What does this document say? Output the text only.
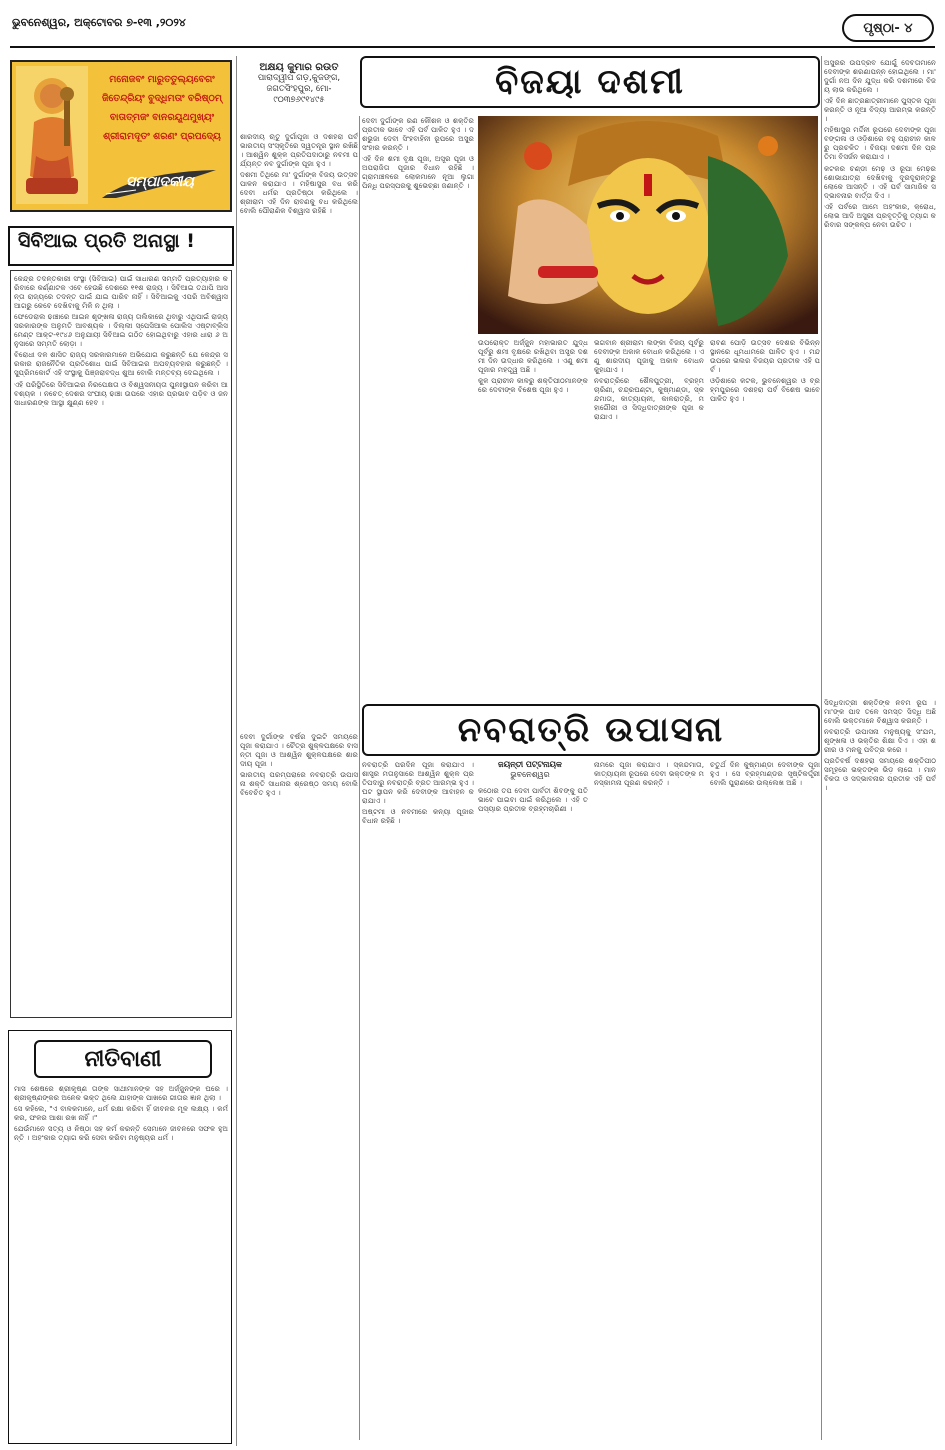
ଭୁବନେଶ୍ୱର, ଅକ୍ଟୋବର ୭-୧୩ ,୨୦୨୪	ପୃଷ୍ଠା- ୪
ମନୋଜବଂ ମାରୁତତୁଲ୍ୟବେଗଂ
ଜିତେନ୍ଦ୍ରିୟଂ ବୁଦ୍ଧିମତାଂ ବରିଷ୍ଠମ୍
ବାତାତ୍ମଜଂ ବାନରୟୂଥମୁଖ୍ୟଂ
ଶ୍ରୀରାମଦୂତଂ ଶରଣଂ ପ୍ରପଦ୍ୟେ
ସମ୍ପାଦକୀୟ
ସିବିଆଇ ପ୍ରତି ଅନାସ୍ଥା !

କେନ୍ଦ୍ର ତଦନ୍ତକାରୀ ସଂସ୍ଥା (ସିବିଆଇ) ପାଇଁ ସାଧାରଣ ସମ୍ମତି ପ୍ରତ୍ୟାହାର କରିବାରେ କର୍ଣ୍ଣାଟକ ଏବେ ହେଉଛି ଦେଶରେ ୧୧ଶ ରାଜ୍ୟ । ସିବିଆଇ ତଥାପି ଆସନ୍ତା ରାଜ୍ୟରେ ତଦନ୍ତ ପାଇଁ ଯାଇ ପାରିବ ନାହିଁ । ସିବିଆଇକୁ ଏପରି ଅବିଶ୍ୱାସ ଆଗରୁ କେବେ ଦେଖିବାକୁ ମିଳି ନ ଥିଲା ।

ଫେଡେରାଲ ଢାଞ୍ଚାରେ ଆଇନ ଶୃଙ୍ଖଳା ରାଜ୍ୟ ତାଲିକାରେ ଥିବାରୁ ଏଥିପାଇଁ ରାଜ୍ୟ ସରକାରଙ୍କ ଅନୁମତି ଆବଶ୍ୟକ । ଦିଲ୍ଲୀ ସ୍ପେସିଆଲ ପୋଲିସ ଏଷ୍ଟାବ୍ଲିସମେଣ୍ଟ ଆକ୍ଟ-୧୯୪୬ ଅନୁଯାୟୀ ସିବିଆଇ ଗଠିତ ହୋଇଥିବାରୁ ଏହାର ଧାରା ୬ ଅନୁସାରେ ସମ୍ମତି ଲୋଡ଼ା ।

ବିରୋଧୀ ଦଳ ଶାସିତ ରାଜ୍ୟ ସରକାରମାନେ ଅଭିଯୋଗ କରୁଛନ୍ତି ଯେ କେନ୍ଦ୍ର ସରକାର ରାଜନୈତିକ ପ୍ରତିଶୋଧ ପାଇଁ ସିବିଆଇର ଅପବ୍ୟବହାର କରୁଛନ୍ତି । ସୁପ୍ରିମକୋର୍ଟ ଏହି ସଂସ୍ଥାକୁ ପିଞ୍ଜରାବଦ୍ଧ ଶୁଆ ବୋଲି ମନ୍ତବ୍ୟ ଦେଇଥିଲେ ।

ଏହି ପରିସ୍ଥିତିରେ ସିବିଆଇର ନିରପେକ୍ଷତା ଓ ବିଶ୍ୱସନୀୟତା ପୁନଃସ୍ଥାପନ କରିବା ଆବଶ୍ୟକ । ନଚେତ୍ ଦେଶର ସଂଘୀୟ ଢାଞ୍ଚା ଉପରେ ଏହାର ପ୍ରଭାବ ପଡ଼ିବ ଓ ଜନସାଧାରଣଙ୍କ ଆସ୍ଥା କ୍ଷୁଣ୍ଣ ହେବ ।

ନୀତିବାଣୀ

ମାସ ଶେଷରେ ଶ୍ରୀକୃଷ୍ଣ ତାଙ୍କ ସାଥୀମାନଙ୍କ ସହ ଅର୍ଜ୍ଜୁନଙ୍କ ଘରେ । ଶ୍ରୀକୃଷ୍ଣଙ୍କର ଅନେକ ଭକ୍ତ ଥିଲେ ଯାହାଙ୍କ ପାଖରେ ଗୀତାର ଜ୍ଞାନ ଥିଲା ।

ସେ କହିଲେ, "ଏ ବାଳକମାନେ, ଧର୍ମ ରକ୍ଷା କରିବା ହିଁ ଜୀବନର ମୂଳ ଲକ୍ଷ୍ୟ । କର୍ମ କର, ଫଳର ଆଶା ରଖ ନାହିଁ ।"

ଯେଉଁମାନେ ସତ୍ୟ ଓ ନିଷ୍ଠା ସହ କର୍ମ କରନ୍ତି ସେମାନେ ଜୀବନରେ ସଫଳ ହୁଅନ୍ତି । ଅହଂକାର ତ୍ୟାଗ କରି ସେବା କରିବା ମନୁଷ୍ୟର ଧର୍ମ ।

ଅକ୍ଷୟ କୁମାର ରଉତ
ପାରାଦ୍ୱୀପ ଗଡ଼,କୁଜଙ୍ଗ,
ଜଗତସିଂହପୁର, ମୋ-
୯୦୩୭୬୯୧୪୯୫

ଶାରଦୀୟ ଋତୁ ଦୁର୍ଗାପୂଜା ଓ ଦଶହରା ପର୍ବ ଭାରତୀୟ ସଂସ୍କୃତିରେ ସ୍ୱତନ୍ତ୍ର ସ୍ଥାନ ରଖିଛି । ଆଶ୍ୱିନ ଶୁକ୍ଳ ପ୍ରତିପଦାଠାରୁ ନବମୀ ପର୍ଯ୍ୟନ୍ତ ନବ ଦୁର୍ଗାଙ୍କ ପୂଜା ହୁଏ ।

ଦଶମୀ ତିଥିରେ ମା' ଦୁର୍ଗାଙ୍କ ବିଜୟ ଉତ୍ସବ ପାଳନ କରାଯାଏ । ମହିଷାସୁର ବଧ କରି ଦେବୀ ଧର୍ମର ପ୍ରତିଷ୍ଠା କରିଥିଲେ । ଶ୍ରୀରାମ ଏହି ଦିନ ରାବଣକୁ ବଧ କରିଥିଲେ ବୋଲି ପୌରାଣିକ ବିଶ୍ୱାସ ରହିଛି ।

ବିଜୟା ଦଶମୀ

ଦେବୀ ଦୁର୍ଗାଙ୍କ ରଣ କୌଶଳ ଓ ଶକ୍ତିର ପ୍ରତୀକ ଭାବେ ଏହି ପର୍ବ ପାଳିତ ହୁଏ । ଦଶଭୁଜା ଦେବୀ ସିଂହବାହିନୀ ରୂପରେ ଅସୁର ସଂହାର କରନ୍ତି ।

ଏହି ଦିନ ଶମୀ ବୃକ୍ଷ ପୂଜା, ଅସ୍ତ୍ର ପୂଜା ଓ ଅପରାଜିତା ପୂଜାର ବିଧାନ ରହିଛି । ଗ୍ରାମାଞ୍ଚଳରେ ଲୋକମାନେ ନୂଆ ଲୁଗା ପିନ୍ଧି ପରସ୍ପରକୁ ଶୁଭେଚ୍ଛା ଜଣାନ୍ତି ।

ଉପରୋକ୍ତ ଅର୍ଜ୍ଜୁନ ମହାଭାରତ ଯୁଦ୍ଧ ପୂର୍ବରୁ ଶମୀ ବୃକ୍ଷରେ ରଖିଥିବା ଅସ୍ତ୍ର ଦଶମୀ ଦିନ ଉଦ୍ଧାର କରିଥିଲେ । ଏଣୁ ଶମୀ ପୂଜାର ମହତ୍ତ୍ୱ ଅଛି ।

କୁଳ ପ୍ରାଚୀନ କାଳରୁ ଶକ୍ତିପୀଠମାନଙ୍କରେ ଦେବୀଙ୍କ ବିଶେଷ ପୂଜା ହୁଏ ।

ଭଗବାନ ଶ୍ରୀରାମ ଲଙ୍କା ବିଜୟ ପୂର୍ବରୁ ଦେବୀଙ୍କ ଅକାଳ ବୋଧନ କରିଥିଲେ । ଏଣୁ ଶାରଦୀୟ ପୂଜାକୁ ଅକାଳ ବୋଧନ କୁହାଯାଏ ।

ନବରାତ୍ରିରେ ଶୈଳପୁତ୍ରୀ, ବ୍ରହ୍ମଚାରିଣୀ, ଚନ୍ଦ୍ରଘଣ୍ଟା, କୁଷ୍ମାଣ୍ଡା, ସ୍କନ୍ଦମାତା, କାତ୍ୟାୟନୀ, କାଳରାତ୍ରି, ମହାଗୌରୀ ଓ ସିଦ୍ଧିଦାତ୍ରୀଙ୍କ ପୂଜା କରାଯାଏ ।

ରାବଣ ପୋଡ଼ି ଉତ୍ସବ ଦେଶର ବିଭିନ୍ନ ସ୍ଥାନରେ ଧୂମଧାମରେ ପାଳିତ ହୁଏ । ମନ୍ଦ ଉପରେ ଭଲର ବିଜୟର ପ୍ରତୀକ ଏହି ପର୍ବ ।

ଓଡ଼ିଶାରେ କଟକ, ଭୁବନେଶ୍ୱର ଓ ବ୍ରହ୍ମପୁରରେ ଦଶହରା ପର୍ବ ବିଶେଷ ଭାବେ ପାଳିତ ହୁଏ ।

ଅସୁରର ଉପଦ୍ରବ ଯୋଗୁଁ ଦେବତାମାନେ ଦେବୀଙ୍କ ଶରଣାପନ୍ନ ହୋଇଥିଲେ । ମା' ଦୁର୍ଗା ନଅ ଦିନ ଯୁଦ୍ଧ କରି ଦଶମୀରେ ବିଜୟ ଲାଭ କରିଥିଲେ ।

ଏହି ଦିନ ଛାତ୍ରଛାତ୍ରୀମାନେ ପୁସ୍ତକ ପୂଜା କରନ୍ତି ଓ ନୂଆ ବିଦ୍ୟା ଆରମ୍ଭ କରନ୍ତି ।

ମହିଷାସୁର ମର୍ଦ୍ଦିନୀ ରୂପରେ ଦେବୀଙ୍କ ପୂଜା ବଙ୍ଗଳା ଓ ଓଡ଼ିଶାରେ ବହୁ ପ୍ରାଚୀନ କାଳରୁ ପ୍ରଚଳିତ । ବିଜୟା ଦଶମୀ ଦିନ ପ୍ରତିମା ବିସର୍ଜନ କରାଯାଏ ।

କଟକର ଚଣ୍ଡୀ ମେଢ଼ ଓ ରୂପା ମେଢ଼ର ଶୋଭାଯାତ୍ରା ଦେଖିବାକୁ ଦୂରଦୂରାନ୍ତରୁ ଲୋକେ ଆସନ୍ତି । ଏହି ପର୍ବ ସାମାଜିକ ସଦ୍ଭାବନାର ବାର୍ତ୍ତା ଦିଏ ।

ଏହି ପର୍ବରେ ଆମେ ଅହଂକାର, କ୍ରୋଧ, ଲୋଭ ଆଦି ଅସୁରୀ ପ୍ରବୃତ୍ତିକୁ ତ୍ୟାଗ କରିବାର ସଙ୍କଳ୍ପ ନେବା ଉଚିତ ।

ନବରାତ୍ରି ଉପାସନା

ଦେବୀ ଦୁର୍ଗାଙ୍କ ବର୍ଷର ଦୁଇଟି ସମୟରେ ପୂଜା କରାଯାଏ । ଚୈତ୍ର ଶୁକ୍ଳପକ୍ଷରେ ବାସନ୍ତୀ ପୂଜା ଓ ଆଶ୍ୱିନ ଶୁକ୍ଳପକ୍ଷରେ ଶାରଦୀୟ ପୂଜା ।

ଭାରତୀୟ ପରମ୍ପରାରେ ନବରାତ୍ରି ଉପାସନା ଶକ୍ତି ସାଧନାର ଶ୍ରେଷ୍ଠ ସମୟ ବୋଲି ବିବେଚିତ ହୁଏ ।

ନବରାତ୍ରି ପରଦିନ ପୂଜା କରାଯାଏ । ଶାସ୍ତ୍ର ମତାନୁସାରେ ଆଶ୍ୱିନ ଶୁକ୍ଳ ପ୍ରତିପଦାରୁ ନବରାତ୍ରି ବ୍ରତ ଆରମ୍ଭ ହୁଏ । ଘଟ ସ୍ଥାପନ କରି ଦେବୀଙ୍କ ଆବାହନ କରାଯାଏ ।

ଅଷ୍ଟମୀ ଓ ନବମୀରେ କନ୍ୟା ପୂଜାର ବିଧାନ ରହିଛି ।

ଜୟନ୍ତୀ ପଟ୍ଟନାୟକ
ଭୁବନେଶ୍ୱର

କଠୋର ତପ ଦେବୀ ପାର୍ବତୀ ଶିବଙ୍କୁ ପତି ଭାବେ ପାଇବା ପାଇଁ କରିଥିଲେ । ଏହି ତପସ୍ୟାର ପ୍ରତୀକ ବ୍ରହ୍ମଚାରିଣୀ ।

ନାମରେ ପୂଜା କରାଯାଏ । ସ୍କନ୍ଦମାତା, କାତ୍ୟାୟନୀ ରୂପରେ ଦେବୀ ଭକ୍ତଙ୍କ ମନସ୍କାମନା ପୂରଣ କରନ୍ତି ।

ଚତୁର୍ଥ ଦିନ କୁଷ୍ମାଣ୍ଡା ଦେବୀଙ୍କ ପୂଜା ହୁଏ । ସେ ବ୍ରହ୍ମାଣ୍ଡର ସୃଷ୍ଟିକର୍ତ୍ତ୍ରୀ ବୋଲି ପୁରାଣରେ ଉଲ୍ଲେଖ ଅଛି ।

ସିଦ୍ଧିଦାତ୍ରୀ ଶକ୍ତିଙ୍କ ନବମ ରୂପ । ମା'ଙ୍କ ପାଦ ତଳେ ସମସ୍ତ ସିଦ୍ଧି ଅଛି ବୋଲି ଭକ୍ତମାନେ ବିଶ୍ୱାସ କରନ୍ତି ।

ନବରାତ୍ରି ଉପାସନା ମନୁଷ୍ୟକୁ ସଂଯମ, ଶୃଙ୍ଖଳା ଓ ଭକ୍ତିର ଶିକ୍ଷା ଦିଏ । ଏହା ଶରୀର ଓ ମନକୁ ପବିତ୍ର କରେ ।

ପ୍ରତିବର୍ଷ ଦଶହରା ସମୟରେ ଶକ୍ତିପୀଠ ସମୂହରେ ଭକ୍ତଙ୍କ ଭିଡ଼ ଲାଗେ । ମାନବିକତା ଓ ସଦ୍ଭାବନାର ପ୍ରତୀକ ଏହି ପର୍ବ ।
